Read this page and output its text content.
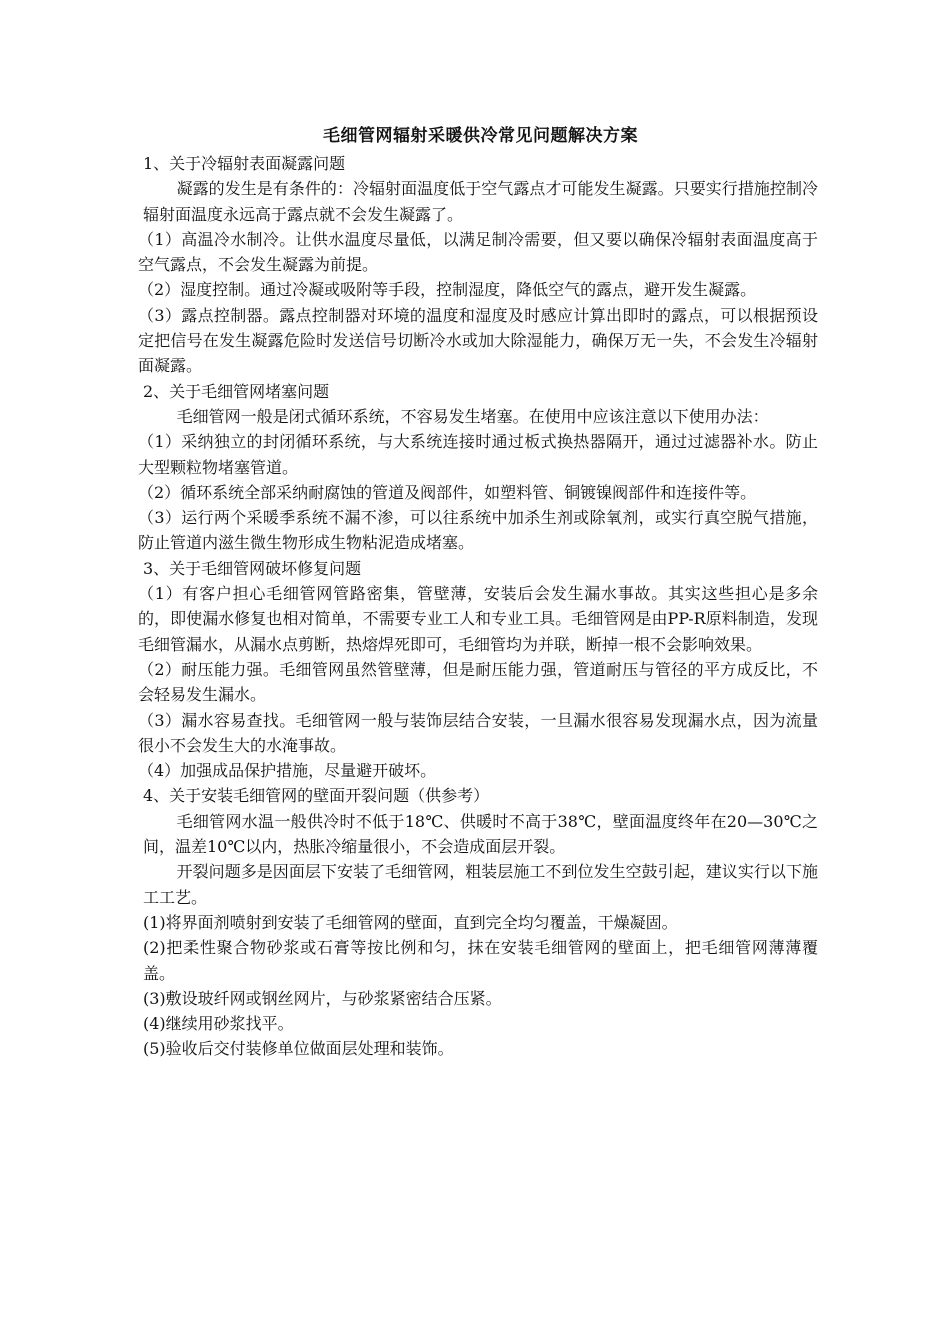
毛细管网辐射采暖供冷常见问题解决方案

1、关于冷辐射表面凝露问题

凝露的发生是有条件的：冷辐射面温度低于空气露点才可能发生凝露。只要实行措施控制冷辐射面温度永远高于露点就不会发生凝露了。

（1）高温冷水制冷。让供水温度尽量低，以满足制冷需要，但又要以确保冷辐射表面温度高于空气露点，不会发生凝露为前提。

（2）湿度控制。通过冷凝或吸附等手段，控制湿度，降低空气的露点，避开发生凝露。

（3）露点控制器。露点控制器对环境的温度和湿度及时感应计算出即时的露点，可以根据预设定把信号在发生凝露危险时发送信号切断冷水或加大除湿能力，确保万无一失，不会发生冷辐射面凝露。

2、关于毛细管网堵塞问题

毛细管网一般是闭式循环系统，不容易发生堵塞。在使用中应该注意以下使用办法：

（1）采纳独立的封闭循环系统，与大系统连接时通过板式换热器隔开，通过过滤器补水。防止大型颗粒物堵塞管道。

（2）循环系统全部采纳耐腐蚀的管道及阀部件，如塑料管、铜镀镍阀部件和连接件等。

（3）运行两个采暖季系统不漏不渗，可以往系统中加杀生剂或除氧剂，或实行真空脱气措施，防止管道内滋生微生物形成生物粘泥造成堵塞。

3、关于毛细管网破坏修复问题

（1）有客户担心毛细管网管路密集，管壁薄，安装后会发生漏水事故。其实这些担心是多余的，即使漏水修复也相对简单，不需要专业工人和专业工具。毛细管网是由PP-R原料制造，发现毛细管漏水，从漏水点剪断，热熔焊死即可，毛细管均为并联，断掉一根不会影响效果。

（2）耐压能力强。毛细管网虽然管壁薄，但是耐压能力强，管道耐压与管径的平方成反比，不会轻易发生漏水。

（3）漏水容易查找。毛细管网一般与装饰层结合安装，一旦漏水很容易发现漏水点，因为流量很小不会发生大的水淹事故。

（4）加强成品保护措施，尽量避开破坏。

4、关于安装毛细管网的壁面开裂问题（供参考）

毛细管网水温一般供冷时不低于18℃、供暖时不高于38℃，壁面温度终年在20—30℃之间，温差10℃以内，热胀冷缩量很小，不会造成面层开裂。

开裂问题多是因面层下安装了毛细管网，粗装层施工不到位发生空鼓引起，建议实行以下施工工艺。

(1)将界面剂喷射到安装了毛细管网的壁面，直到完全均匀覆盖，干燥凝固。

(2)把柔性聚合物砂浆或石膏等按比例和匀，抹在安装毛细管网的壁面上，把毛细管网薄薄覆盖。

(3)敷设玻纤网或钢丝网片，与砂浆紧密结合压紧。

(4)继续用砂浆找平。

(5)验收后交付装修单位做面层处理和装饰。
